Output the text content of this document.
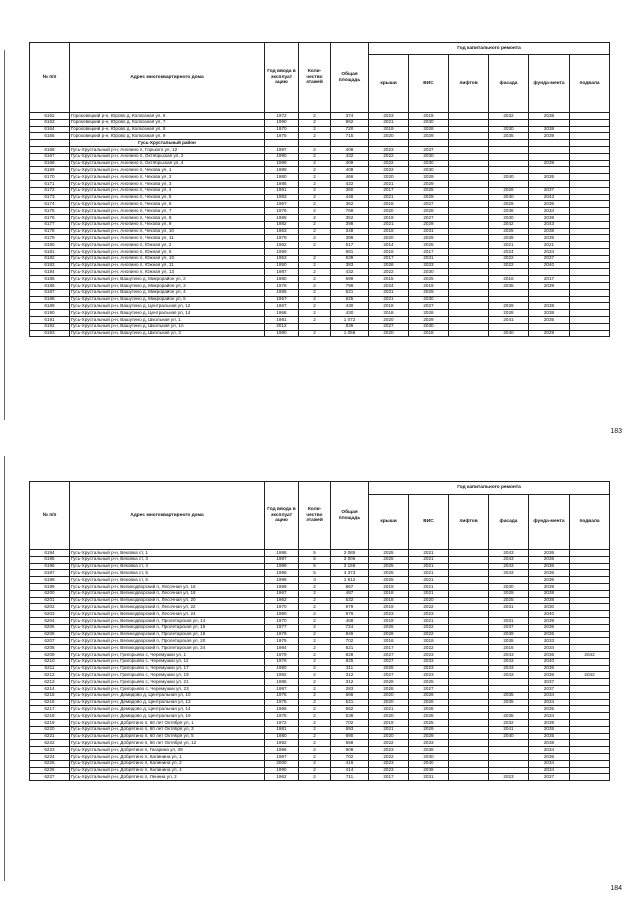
№ п/п	Адрес многоквартирного дома	Год ввода в эксплуат ацию	Коли-чество этажей	Общая площадь	Год капитального ремонта					
					крыши	ВИС	лифтов	фасада	фунда-мента	подвала
6162	Гороховецкий р-н, Юрово д, Колхозная ул, 6	1972	2	374	2023	2019		2032	2038	
6163	Гороховецкий р-н, Юрово д, Колхозная ул, 7	1990	2	962	2021	2030				
6164	Гороховецкий р-н, Юрово д, Колхозная ул, 8	1970	2	720	2019	2028		2030	2038	
6165	Гороховецкий р-н, Юрово д, Колхозная ул, 9	1975	2	715	2020	2029		2035	2039	
	Гусь-Хрустальный район									
6166	Гусь-Хрустальный р-н, Анопино п, Горького ул, 12	1997	2	408	2023	2037				
6167	Гусь-Хрустальный р-н, Анопино п, Октябрьская ул, 2	1990	2	432	2022	2030				
6168	Гусь-Хрустальный р-н, Анопино п, Октябрьская ул, 4	1989	2	409	2022	2030			2039	
6169	Гусь-Хрустальный р-н, Анопино п, Чехова ул, 1	1989	2	408	2022	2030				
6170	Гусь-Хрустальный р-н, Анопино п, Чехова ул, 2	1980	2	466	2020	2029		2040	2035	
6171	Гусь-Хрустальный р-н, Анопино п, Чехова ул, 3	1986	2	422	2021	2029				
6172	Гусь-Хрустальный р-н, Анопино п, Чехова ул, 4	1961	2	360	2017	2025		2026	2037	
6173	Гусь-Хрустальный р-н, Анопино п, Чехова ул, 5	1983	2	446	2021	2029		2040	2043	
6174	Гусь-Хрустальный р-н, Анопино п, Чехова ул, 6	1967	2	362	2018	2027		2029	2036	
6175	Гусь-Хрустальный р-н, Анопино п, Чехова ул, 7	1976	2	768	2020	2028		2036	2034	
6176	Гусь-Хрустальный р-н, Анопино п, Чехова ул, 8	1968	2	352	2019	2027		2030	2038	
6177	Гусь-Хрустальный р-н, Анопино п, Чехова ул, 9	1982	2	398	2021	2029		2042	2043	
6178	Гусь-Хрустальный р-н, Анопино п, Чехова ул, 10	1963	2	348	2018	2031		2025	2038	
6179	Гусь-Хрустальный р-н, Анопино п, Чехова ул, 11	1979	2	398	2020	2029		2039	2035	
6180	Гусь-Хрустальный р-н, Анопино п, Южная ул, 2	1962	2	517	2014	2025		2021	2021	
6181	Гусь-Хрустальный р-н, Анопино п, Южная ул, 6	1959		681	2016	2017		2024	2034	
6182	Гусь-Хрустальный р-н, Анопино п, Южная ул, 10	1953	2	539	2017	2031		2022	2037	
6183	Гусь-Хрустальный р-н, Анопино п, Южная ул, 11	1950	2	383	2026	2033		2022	2040	
6184	Гусь-Хрустальный р-н, Анопино п, Южная ул, 13	1987	2	432	2022	2030				
6185	Гусь-Хрустальный р-н, Вашутино д, Микрорайон ул, 2	1980	2	699	2015	2025		2016	2017	
6186	Гусь-Хрустальный р-н, Вашутино д, Микрорайон ул, 3	1976	2	796	2024	2019		2035	2039	
6187	Гусь-Хрустальный р-н, Вашутино д, Микрорайон ул, 4	1985	2	621	2021	2029				
6188	Гусь-Хрустальный р-н, Вашутино д, Микрорайон ул, 5	1967	2	625	2021	2030				
6189	Гусь-Хрустальный р-н, Вашутино д, Центральная ул, 12	1967	2	430	2018	2027		2029	2038	
6190	Гусь-Хрустальный р-н, Вашутино д, Центральная ул, 14	1966	2	430	2018	2026		2028	2038	
6191	Гусь-Хрустальный р-н, Вашутино д, Школьная ул, 1	1981	2	1 072	2020	2029		2041	2035	
6192	Гусь-Хрустальный р-н, Вашутино д, Школьная ул, 1А	2012		836	2027	2030				
6193	Гусь-Хрустальный р-н, Вашутино д, Школьная ул, 3	1980	2	1 058	2020	2018		2040	2029	
183
№ п/п	Адрес многоквартирного дома	Год ввода в эксплуат ацию	Коли-чество этажей	Общая площадь	Год капитального ремонта					
					крыши	ВИС	лифтов	фасада	фунда-мента	подвала
6194	Гусь-Хрустальный р-н, Вековка ст, 1	1986	5	3 085	2025	2021		2043	2036	
6195	Гусь-Хрустальный р-н, Вековка ст, 3	1987	5	3 006	2025	2021		2043	2036	
6196	Гусь-Хрустальный р-н, Вековка ст, 4	1989	5	3 159	2025	2021		2043	2036	
6197	Гусь-Хрустальный р-н, Вековка ст, 5	1995	5	4 373	2025	2021		2043	2036	
6198	Гусь-Хрустальный р-н, Вековка ст, 6	1996	3	1 612	2025	2021			2036	
6199	Гусь-Хрустальный р-н, Великодворский п, Лесочная ул, 16	1968	2	867	2019	2021		2030	2039	
6200	Гусь-Хрустальный р-н, Великодворский п, Лесочная ул, 18	1967	2	487	2018	2021		2029	2038	
6201	Гусь-Хрустальный р-н, Великодворский п, Лесочная ул, 20	1962	2	532	2018	2020		2025	2038	
6202	Гусь-Хрустальный р-н, Великодворский п, Лесочная ул, 22	1970	2	979	2019	2022		2031	2030	
6203	Гусь-Хрустальный р-н, Великодворский п, Лесочная ул, 24	1990	2	976	2023	2023			2040	
6204	Гусь-Хрустальный р-н, Великодворский п, Пролетарская ул, 14	1970	2	458	2019	2021		2031	2039	
6205	Гусь-Хрустальный р-н, Великодворский п, Пролетарская ул, 16	1977	2	724	2026	2022		2037	2036	
6206	Гусь-Хрустальный р-н, Великодворский п, Пролетарская ул, 18	1979	2	846	2026	2022		2039	2036	
6207	Гусь-Хрустальный р-н, Великодворский п, Пролетарская ул, 20	1975	2	702	2016	2019		2035	2033	
6208	Гусь-Хрустальный р-н, Великодворский п, Пролетарская ул, 24	1984	2	621	2017	2022		2016	2034	
6209	Гусь-Хрустальный р-н, Григорьево с, Черемушки ул, 1	1979	2	828	2027	2023		2043	2036	2042
6210	Гусь-Хрустальный р-н, Григорьево с, Черемушки ул, 11	1976	2	825	2027	2033		2043	2040	
6211	Гусь-Хрустальный р-н, Григорьево с, Черемушки ул, 17	1980	2	311	2026	2023		2043	2036	
6212	Гусь-Хрустальный р-н, Григорьево с, Черемушки ул, 19	1982	2	312	2027	2023		2043	2036	2042
6213	Гусь-Хрустальный р-н, Григорьево с, Черемушки ул, 21	1985	2	312	2028	2025			2037	
6214	Гусь-Хрустальный р-н, Григорьево с, Черемушки ул, 23	1987	2	283	2028	2027			2037	
6215	Гусь-Хрустальный р-н, Демидово д, Центральная ул, 10	1975	2	666	2020	2026		2035	2034	
6216	Гусь-Хрустальный р-н, Демидово д, Центральная ул, 13	1975	2	521	2020	2026		2035	2034	
6217	Гусь-Хрустальный р-н, Демидово д, Центральная ул, 14	1965	2	552	2021	2026			2035	
6218	Гусь-Хрустальный р-н, Демидово д, Центральная ул, 19	1975	2	538	2020	2026		2035	2034	
6219	Гусь-Хрустальный р-н, Добрятино п, 60 лет Октября ул, 1	1972	2	702	2019	2025		2032	2039	
6220	Гусь-Хрустальный р-н, Добрятино п, 60 лет Октября ул, 3	1981	2	693	2021	2029		2041	2035	
6221	Гусь-Хрустальный р-н, Добрятино п, 60 лет Октября ул, 5	1980	2	690	2020	2029		2040	2035	
6222	Гусь-Хрустальный р-н, Добрятино п, 60 лет Октября ул, 12	1992	2	658	2022	2033			2038	
6223	Гусь-Хрустальный р-н, Добрятино п, Гагарина ул, 39	1996	2	908	2023	2036			2034	
6224	Гусь-Хрустальный р-н, Добрятино п, Калинина ул, 1	1987	2	702	2022	2030			2036	
6225	Гусь-Хрустальный р-н, Добрятино п, Калинина ул, 2	2000	2	416	2023	2040			2034	
6226	Гусь-Хрустальный р-н, Добрятино п, Калинина ул, 4	1990	2	414	2023	2036			2034	
6227	Гусь-Хрустальный р-н, Добрятино п, Ленина ул, 2	1962	2	711	2017	2031		2023	2037	
184
